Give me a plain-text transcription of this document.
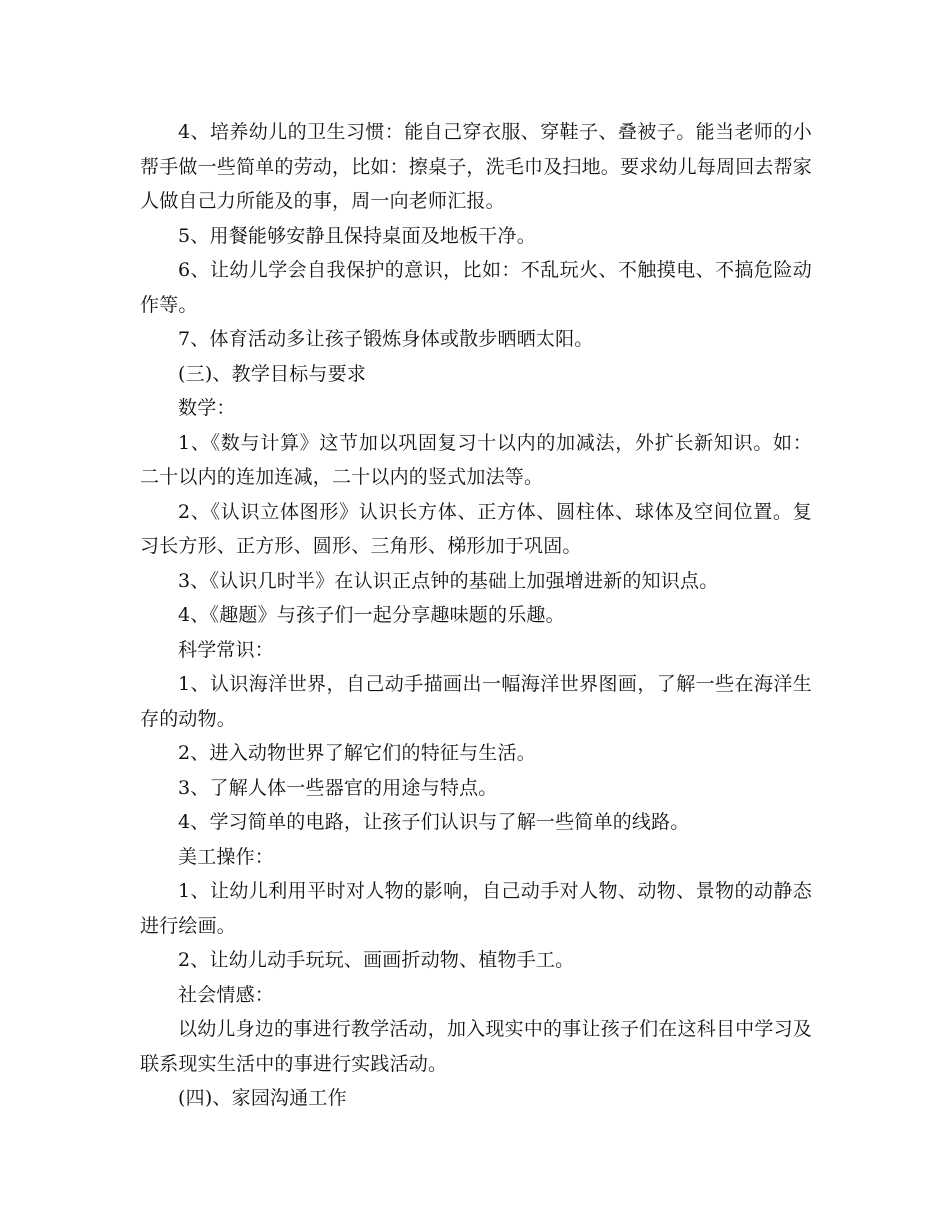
4、培养幼儿的卫生习惯：能自己穿衣服、穿鞋子、叠被子。能当老师的小帮手做一些简单的劳动，比如：擦桌子，洗毛巾及扫地。要求幼儿每周回去帮家人做自己力所能及的事，周一向老师汇报。

5、用餐能够安静且保持桌面及地板干净。

6、让幼儿学会自我保护的意识，比如：不乱玩火、不触摸电、不搞危险动作等。

7、体育活动多让孩子锻炼身体或散步晒晒太阳。

(三)、教学目标与要求

数学：

1、《数与计算》这节加以巩固复习十以内的加减法，外扩长新知识。如：二十以内的连加连减，二十以内的竖式加法等。

2、《认识立体图形》认识长方体、正方体、圆柱体、球体及空间位置。复习长方形、正方形、圆形、三角形、梯形加于巩固。

3、《认识几时半》在认识正点钟的基础上加强增进新的知识点。

4、《趣题》与孩子们一起分享趣味题的乐趣。

科学常识：

1、认识海洋世界，自己动手描画出一幅海洋世界图画，了解一些在海洋生存的动物。

2、进入动物世界了解它们的特征与生活。

3、了解人体一些器官的用途与特点。

4、学习简单的电路，让孩子们认识与了解一些简单的线路。

美工操作：

1、让幼儿利用平时对人物的影响，自己动手对人物、动物、景物的动静态进行绘画。

2、让幼儿动手玩玩、画画折动物、植物手工。

社会情感：

以幼儿身边的事进行教学活动，加入现实中的事让孩子们在这科目中学习及联系现实生活中的事进行实践活动。

(四)、家园沟通工作
